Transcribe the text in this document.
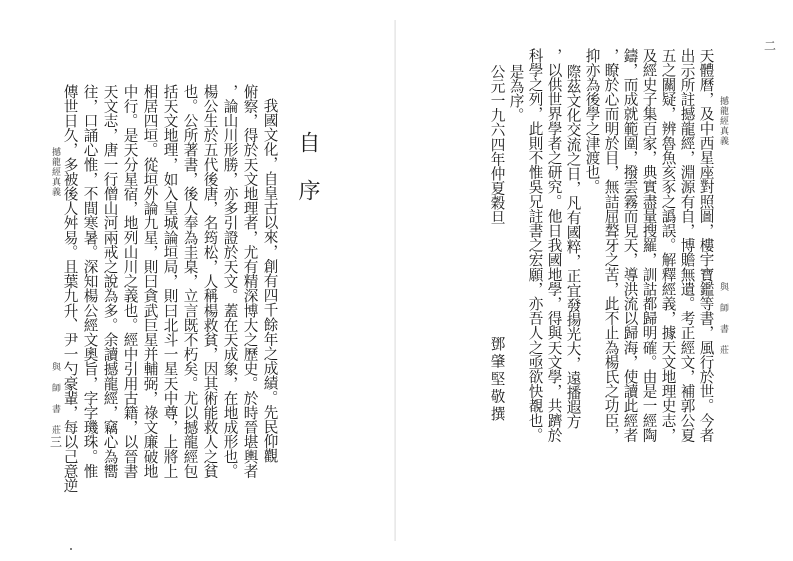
撼龍經真義
與 師 書 莊
三
自序
我國文化，自皇古以來，創有四千餘年之成績。先民仰觀
俯察，得於天文地理者，尤有精深博大之歷史。於時晉堪輿者
，論山川形勝，亦多引證於天文。蓋在天成象，在地成形也。
楊公生於五代後唐，名筠松，人稱楊救貧，因其術能救人之貧
也。公所著書，後人奉為圭臬，立言既不朽矣。尤以撼龍經包
括天文地理，如入皇城論垣局，則曰北斗一星天中尊，上將上
相居四垣。從垣外論九星，則曰貪武巨星并輔弼，祿文廉破地
中行。是天分星宿，地列山川之義也。經中引用古籍，以晉書
天文志，唐一行僧山河兩戒之說為多。余讀撼龍經，竊心為嚮
往，口誦心惟，不間寒暑。深知楊公經文奧旨，字字璣珠。惟
傳世日久，多被後人舛易。且葉九升、尹一勺豪輩，每以己意逆	撼龍經真義
與 師 書 莊
二
天體曆，及中西星座對照圖，樓宇寶鑑等書，風行於世。今者
出示所註撼龍經，淵源有自，博贍無遺。考正經文，補郭公夏
五之關疑，辨魯魚亥豕之譌誤。解釋經義，據天文地理史志，
及經史子集百家，典實盡量搜羅，訓詁都歸明確。由是一經陶
鑄，而成就範圍，撥雲霧而見天，導洪流以歸海，使讀此經者
，瞭於心而明於目，無詰屈聱牙之苦，此不止為楊氏之功臣，
抑亦為後學之津渡也。
際茲文化交流之日，凡有國粹，正宜發揚光大，遠播遐方
，以供世界學者之研究。他日我國地學，得與天文學，共躋於
科學之列，此則不惟吳兄註書之宏願，亦吾人之亟欲快覩也。
是為序。
公元一九六四年仲夏穀旦
鄧肇堅敬撰
